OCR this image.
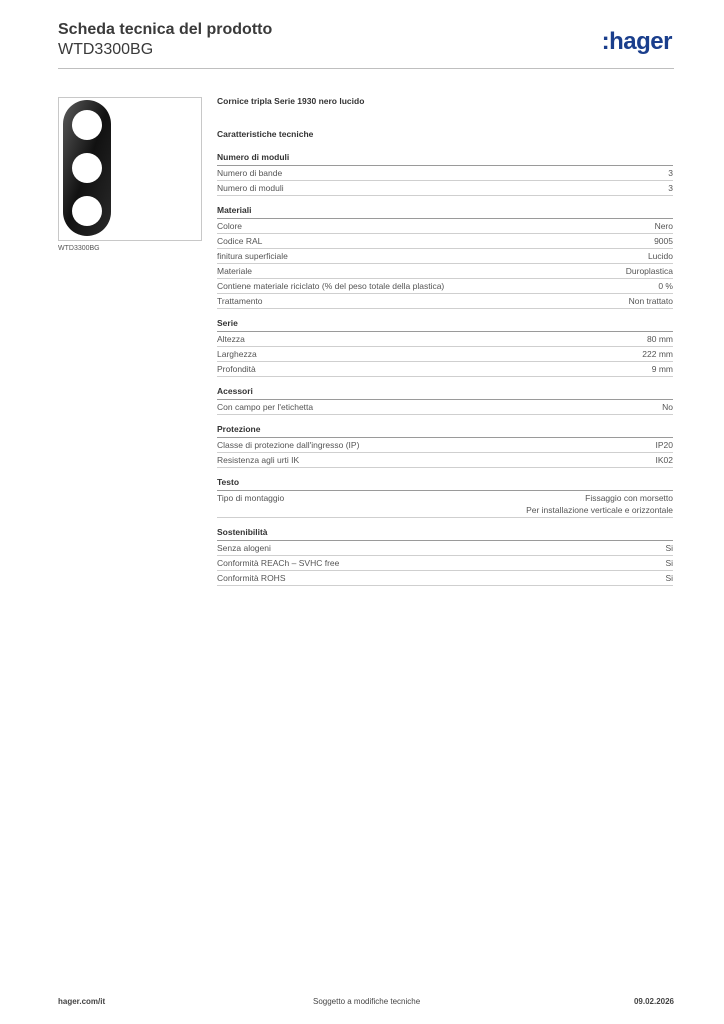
Scheda tecnica del prodotto
WTD3300BG	:hager
WTD3300BG
Cornice tripla Serie 1930 nero lucido
Caratteristiche tecniche
Numero di moduli
Numero di bande	3
Numero di moduli	3
Materiali
Colore	Nero
Codice RAL	9005
finitura superficiale	Lucido
Materiale	Duroplastica
Contiene materiale riciclato (% del peso totale della plastica)	0 %
Trattamento	Non trattato
Serie
Altezza	80 mm
Larghezza	222 mm
Profondità	9 mm
Acessori
Con campo per l'etichetta	No
Protezione
Classe di protezione dall'ingresso (IP)	IP20
Resistenza agli urti IK	IK02
Testo
Tipo di montaggio	Fissaggio con morsetto
Per installazione verticale e orizzontale
Sostenibilità
Senza alogeni	Si
Conformità REACh – SVHC free	Si
Conformità ROHS	Si
hager.com/it	Soggetto a modifiche tecniche	09.02.2026
